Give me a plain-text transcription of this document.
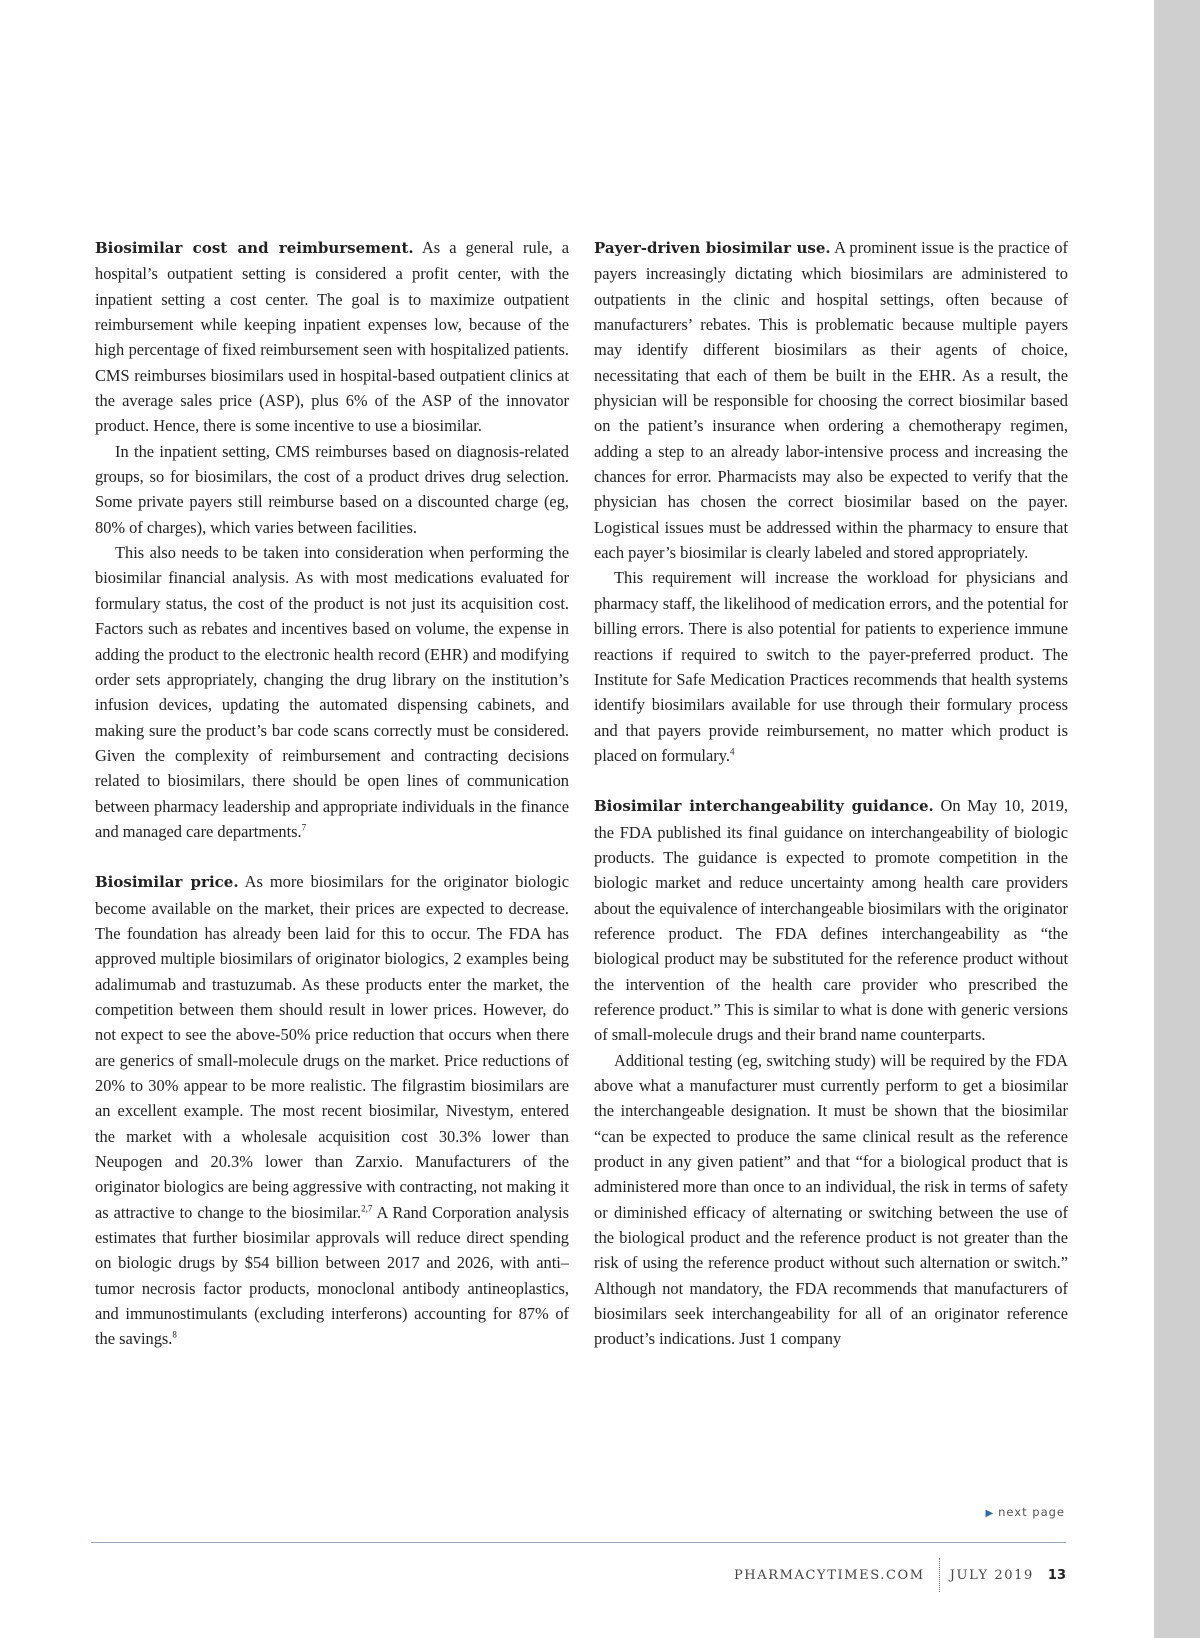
Biosimilar cost and reimbursement. As a general rule, a hospital’s outpatient setting is considered a profit center, with the inpatient setting a cost center. The goal is to maximize outpatient reimbursement while keeping inpatient expenses low, because of the high percentage of fixed reimbursement seen with hospitalized patients. CMS reimburses biosimilars used in hospital-based outpatient clinics at the average sales price (ASP), plus 6% of the ASP of the innovator product. Hence, there is some incentive to use a biosimilar.

In the inpatient setting, CMS reimburses based on diagnosis-related groups, so for biosimilars, the cost of a product drives drug selection. Some private payers still reimburse based on a discounted charge (eg, 80% of charges), which varies between facilities.

This also needs to be taken into consideration when performing the biosimilar financial analysis. As with most medications evaluated for formulary status, the cost of the product is not just its acquisition cost. Factors such as rebates and incentives based on volume, the expense in adding the product to the electronic health record (EHR) and modifying order sets appropriately, changing the drug library on the institution’s infusion devices, updating the automated dispensing cabinets, and making sure the product’s bar code scans correctly must be considered. Given the complexity of reimbursement and contracting decisions related to biosimilars, there should be open lines of communication between pharmacy leadership and appropriate individuals in the finance and managed care departments.$^7$

Biosimilar price. As more biosimilars for the originator biologic become available on the market, their prices are expected to decrease. The foundation has already been laid for this to occur. The FDA has approved multiple biosimilars of originator biologics, 2 examples being adalimumab and trastuzumab. As these products enter the market, the competition between them should result in lower prices. However, do not expect to see the above-50% price reduction that occurs when there are generics of small-molecule drugs on the market. Price reductions of 20% to 30% appear to be more realistic. The filgrastim biosimilars are an excellent example. The most recent biosimilar, Nivestym, entered the market with a wholesale acquisition cost 30.3% lower than Neupogen and 20.3% lower than Zarxio. Manufacturers of the originator biologics are being aggressive with contracting, not making it as attractive to change to the biosimilar.$^{2,7}$ A Rand Corporation analysis estimates that further biosimilar approvals will reduce direct spending on biologic drugs by $54 billion between 2017 and 2026, with anti–tumor necrosis factor products, monoclonal antibody antineoplastics, and immunostimulants (excluding interferons) accounting for 87% of the savings.$^8$

Payer-driven biosimilar use. A prominent issue is the practice of payers increasingly dictating which biosimilars are administered to outpatients in the clinic and hospital settings, often because of manufacturers’ rebates. This is problematic because multiple payers may identify different biosimilars as their agents of choice, necessitating that each of them be built in the EHR. As a result, the physician will be responsible for choosing the correct biosimilar based on the patient’s insurance when ordering a chemotherapy regimen, adding a step to an already labor-intensive process and increasing the chances for error. Pharmacists may also be expected to verify that the physician has chosen the correct biosimilar based on the payer. Logistical issues must be addressed within the pharmacy to ensure that each payer’s biosimilar is clearly labeled and stored appropriately.

This requirement will increase the workload for physicians and pharmacy staff, the likelihood of medication errors, and the potential for billing errors. There is also potential for patients to experience immune reactions if required to switch to the payer-preferred product. The Institute for Safe Medication Practices recommends that health systems identify biosimilars available for use through their formulary process and that payers provide reimbursement, no matter which product is placed on formulary.$^4$

Biosimilar interchangeability guidance. On May 10, 2019, the FDA published its final guidance on interchangeability of biologic products. The guidance is expected to promote competition in the biologic market and reduce uncertainty among health care providers about the equivalence of interchangeable biosimilars with the originator reference product. The FDA defines interchangeability as “the biological product may be substituted for the reference product without the intervention of the health care provider who prescribed the reference product.” This is similar to what is done with generic versions of small-molecule drugs and their brand name counterparts.

Additional testing (eg, switching study) will be required by the FDA above what a manufacturer must currently perform to get a biosimilar the interchangeable designation. It must be shown that the biosimilar “can be expected to produce the same clinical result as the reference product in any given patient” and that “for a biological product that is administered more than once to an individual, the risk in terms of safety or diminished efficacy of alternating or switching between the use of the biological product and the reference product is not greater than the risk of using the reference product without such alternation or switch.” Although not mandatory, the FDA recommends that manufacturers of biosimilars seek interchangeability for all of an originator reference product’s indications. Just 1 company

▶ next page
PHARMACYTIMES.COM JULY 2019 13
